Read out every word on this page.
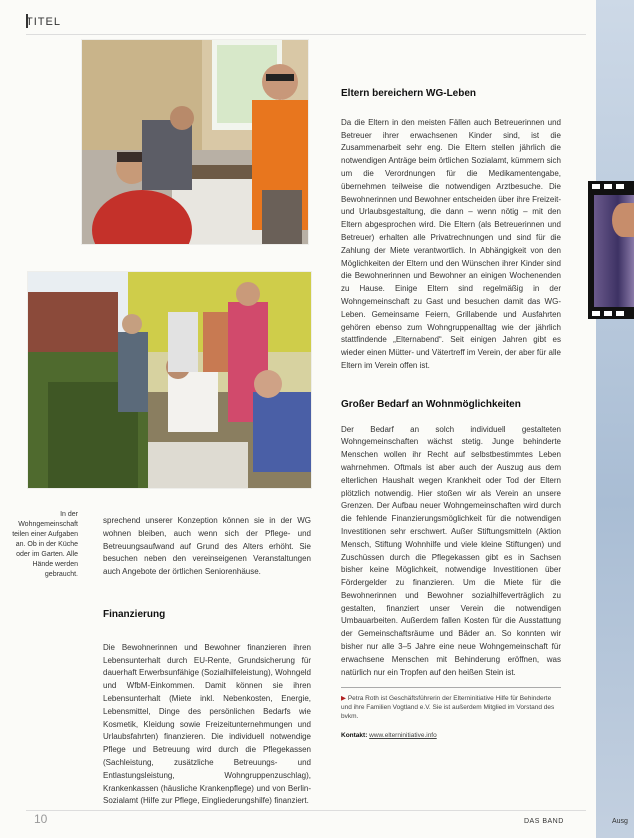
TITEL
In der Wohngemeinschaft teilen einer Aufgaben an. Ob in der Küche oder im Garten. Alle Hände werden gebraucht.

sprechend unserer Konzeption können sie in der WG wohnen bleiben, auch wenn sich der Pflege- und Betreuungsaufwand auf Grund des Alters erhöht. Sie besuchen neben den vereinseigenen Veranstaltungen auch Angebote der örtlichen Seniorenhäuse.

Finanzierung

Die Bewohnerinnen und Bewohner finanzieren ihren Lebensunterhalt durch EU-Rente, Grundsicherung für dauerhaft Erwerbsunfähige (Sozialhilfeleistung), Wohngeld und WfbM-Einkommen. Damit können sie ihren Lebensunterhalt (Miete inkl. Nebenkosten, Energie, Lebensmittel, Dinge des persönlichen Bedarfs wie Kosmetik, Kleidung sowie Freizeitunternehmungen und Urlaubsfahrten) finanzieren. Die individuell notwendige Pflege und Betreuung wird durch die Pflegekassen (Sachleistung, zusätzliche Betreuungs- und Entlastungsleistung, Wohngruppenzuschlag), Krankenkassen (häusliche Krankenpflege) und von Berlin-Sozialamt (Hilfe zur Pflege, Eingliederungshilfe) finanziert.

Eltern bereichern WG-Leben

Da die Eltern in den meisten Fällen auch Betreuerinnen und Betreuer ihrer erwachsenen Kinder sind, ist die Zusammenarbeit sehr eng. Die Eltern stellen jährlich die notwendigen Anträge beim örtlichen Sozialamt, kümmern sich um die Verordnungen für die Medikamentengabe, übernehmen teilweise die notwendigen Arztbesuche. Die Bewohnerinnen und Bewohner entscheiden über ihre Freizeit- und Urlaubsgestaltung, die dann – wenn nötig – mit den Eltern abgesprochen wird. Die Eltern (als Betreuerinnen und Betreuer) erhalten alle Privatrechnungen und sind für die Zahlung der Miete verantwortlich. In Abhängigkeit von den Möglichkeiten der Eltern und den Wünschen ihrer Kinder sind die Bewohnerinnen und Bewohner an einigen Wochenenden zu Hause. Einige Eltern sind regelmäßig in der Wohngemeinschaft zu Gast und besuchen damit das WG-Leben. Gemeinsame Feiern, Grillabende und Ausfahrten gehören ebenso zum Wohngruppenalltag wie der jährlich stattfindende „Elternabend“. Seit einigen Jahren gibt es wieder einen Mütter- und Vätertreff im Verein, der aber für alle Eltern im Verein offen ist.

Großer Bedarf an Wohnmöglichkeiten

Der Bedarf an solch individuell gestalteten Wohngemeinschaften wächst stetig. Junge behinderte Menschen wollen ihr Recht auf selbstbestimmtes Leben wahrnehmen. Oftmals ist aber auch der Auszug aus dem elterlichen Haushalt wegen Krankheit oder Tod der Eltern plötzlich notwendig. Hier stoßen wir als Verein an unsere Grenzen. Der Aufbau neuer Wohngemeinschaften wird durch die fehlende Finanzierungsmöglichkeit für die notwendigen Investitionen sehr erschwert. Außer Stiftungsmitteln (Aktion Mensch, Stiftung Wohnhilfe und viele kleine Stiftungen) und Zuschüssen durch die Pflegekassen gibt es in Sachsen bisher keine Möglichkeit, notwendige Investitionen über Fördergelder zu finanzieren. Um die Miete für die Bewohnerinnen und Bewohner sozialhilfeverträglich zu gestalten, finanziert unser Verein die notwendigen Umbauarbeiten. Außerdem fallen Kosten für die Ausstattung der Gemeinschaftsräume und Bäder an. So konnten wir bisher nur alle 3–5 Jahre eine neue Wohngemeinschaft für erwachsene Menschen mit Behinderung eröffnen, was natürlich nur ein Tropfen auf den heißen Stein ist.

▶ Petra Roth ist Geschäftsführerin der Elterninitiative Hilfe für Behinderte und ihre Familien Vogtland e.V. Sie ist außerdem Mitglied im Vorstand des bvkm.
Kontakt: www.elterninitiative.info
10	DAS BAND	Ausg
